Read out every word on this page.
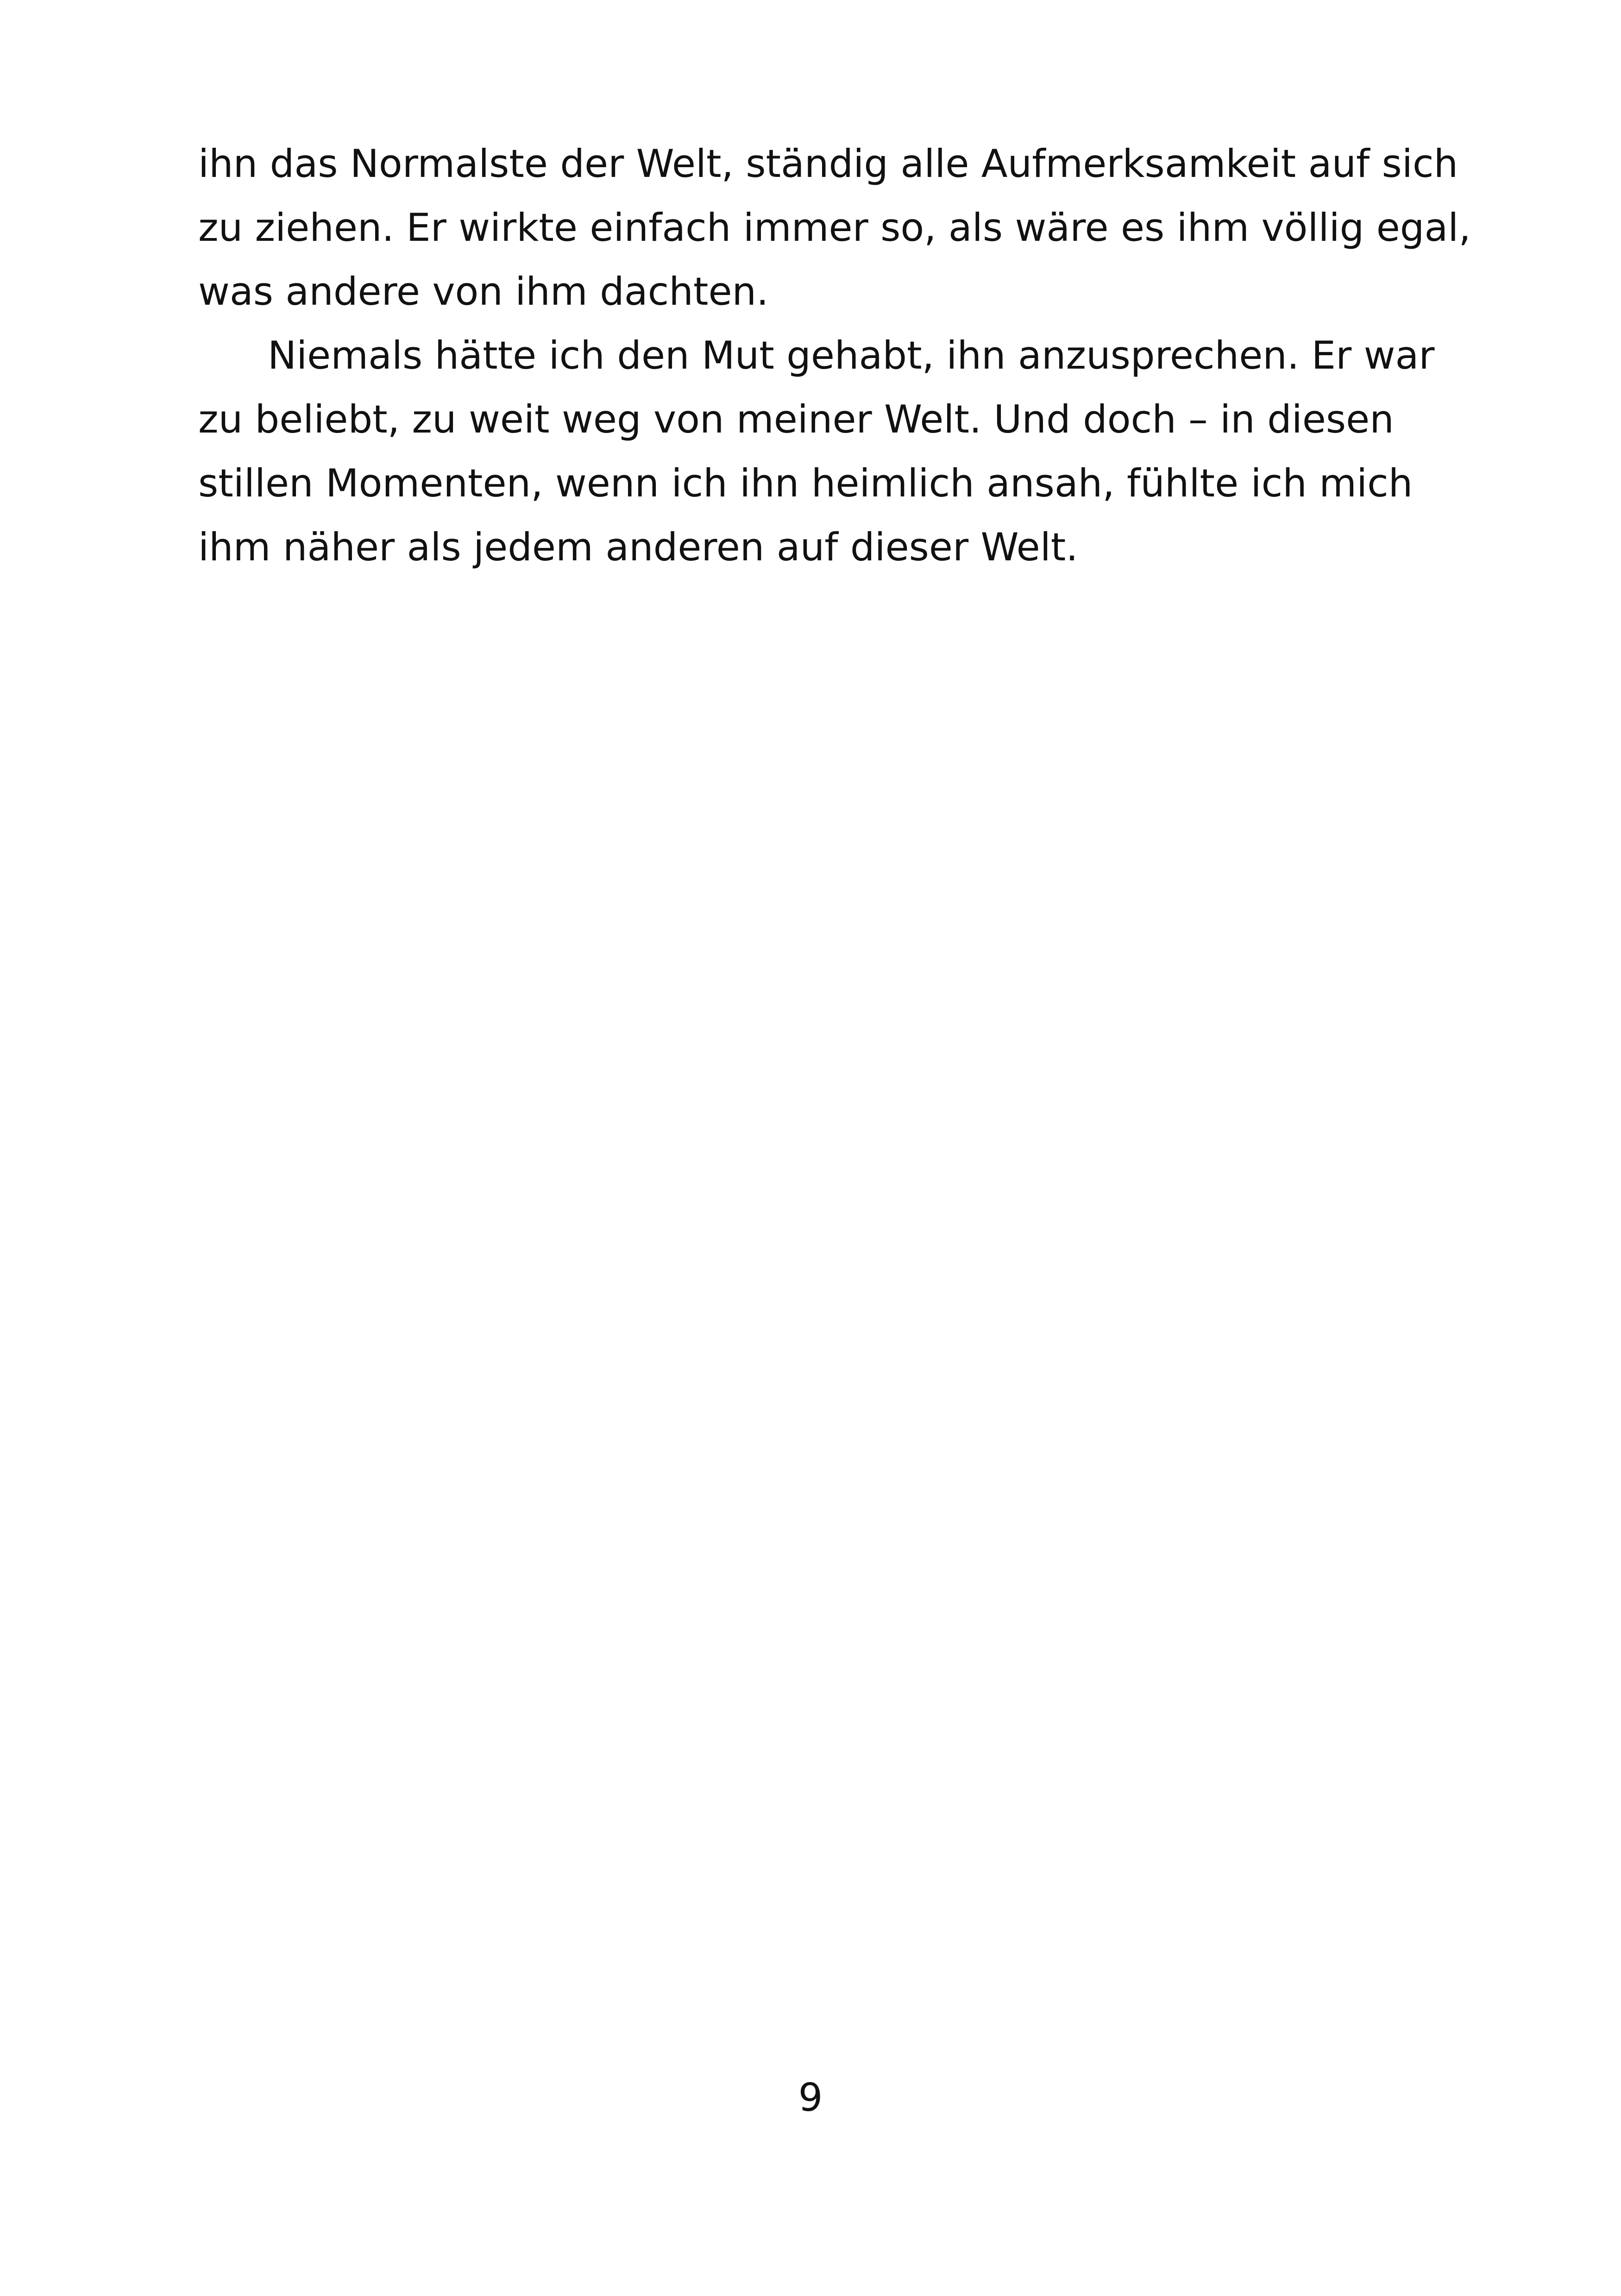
ihn das Normalste der Welt, ständig alle Aufmerksamkeit auf sich
zu ziehen. Er wirkte einfach immer so, als wäre es ihm völlig egal,
was andere von ihm dachten.
Niemals hätte ich den Mut gehabt, ihn anzusprechen. Er war
zu beliebt, zu weit weg von meiner Welt. Und doch – in diesen
stillen Momenten, wenn ich ihn heimlich ansah, fühlte ich mich
ihm näher als jedem anderen auf dieser Welt.
9
